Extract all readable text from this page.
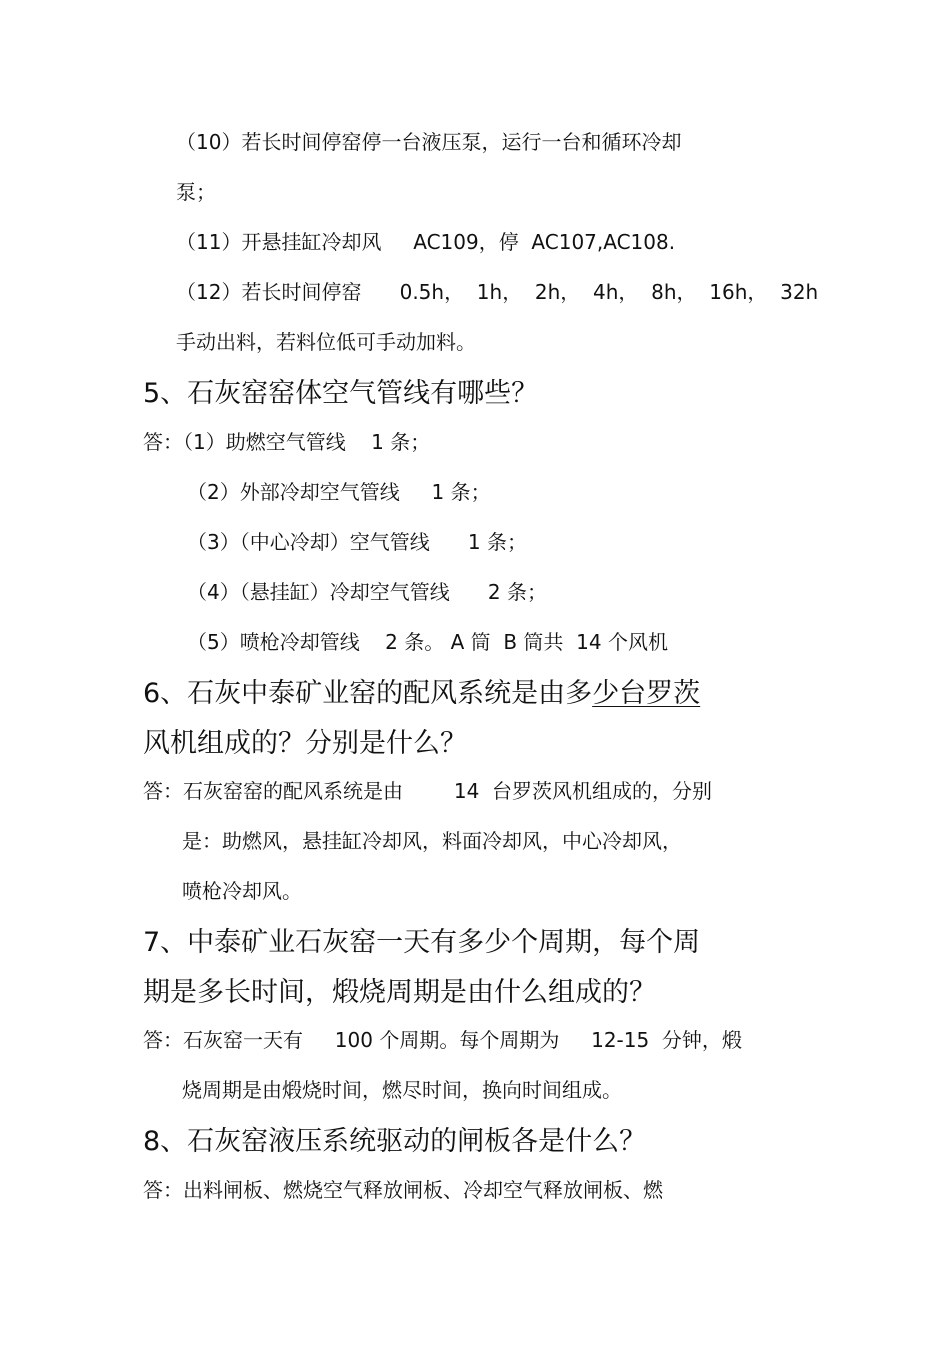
（10）若长时间停窑停一台液压泵，运行一台和循环冷却
泵；
（11）开悬挂缸冷却风     AC109，停  AC107,AC108.
（12）若长时间停窑      0.5h，  1h，  2h，  4h，  8h，  16h，  32h
手动出料，若料位低可手动加料。
5、石灰窑窑体空气管线有哪些？
答：（1）助燃空气管线    1 条；
（2）外部冷却空气管线     1 条；
（3）（中心冷却）空气管线      1 条；
（4）（悬挂缸）冷却空气管线      2 条；
（5）喷枪冷却管线    2 条。 A 筒  B 筒共  14 个风机
6、石灰中泰矿业窑的配风系统是由多少台罗茨
风机组成的？分别是什么？
答：石灰窑窑的配风系统是由        14  台罗茨风机组成的，分别
是：助燃风，悬挂缸冷却风，料面冷却风，中心冷却风，
喷枪冷却风。
7、中泰矿业石灰窑一天有多少个周期，每个周
期是多长时间，煅烧周期是由什么组成的？
答：石灰窑一天有     100 个周期。每个周期为     12-15  分钟，煅
烧周期是由煅烧时间，燃尽时间，换向时间组成。
8、石灰窑液压系统驱动的闸板各是什么？
答：出料闸板、燃烧空气释放闸板、冷却空气释放闸板、燃
